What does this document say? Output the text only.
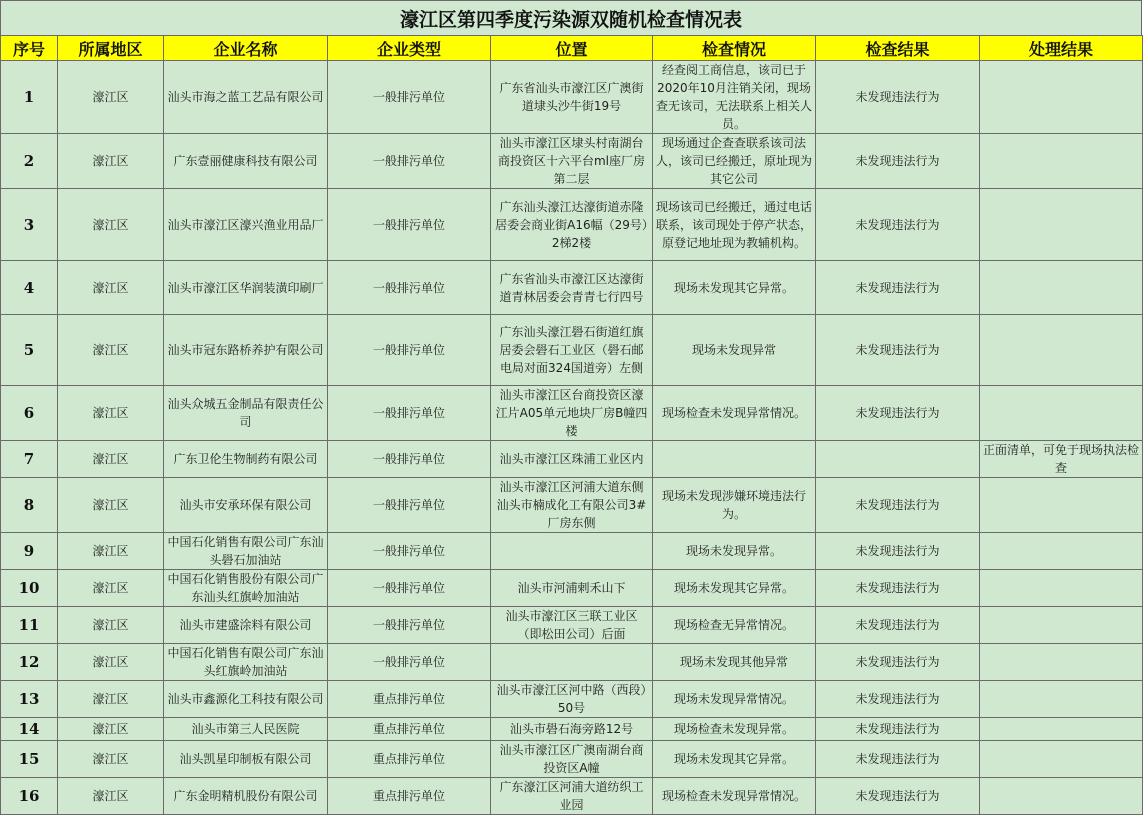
濠江区第四季度污染源双随机检查情况表
序号	所属地区	企业名称	企业类型	位置	检查情况	检查结果	处理结果
1	濠江区	汕头市海之蓝工艺品有限公司	一般排污单位	广东省汕头市濠江区广澳街道埭头沙牛街19号	经查阅工商信息，该司已于2020年10月注销关闭，现场查无该司，无法联系上相关人员。	未发现违法行为	
2	濠江区	广东壹丽健康科技有限公司	一般排污单位	汕头市濠江区埭头村南湖台商投资区十六平台ml座厂房第二层	现场通过企查查联系该司法人，该司已经搬迁，原址现为其它公司	未发现违法行为	
3	濠江区	汕头市濠江区濠兴渔业用品厂	一般排污单位	广东汕头濠江达濠街道赤隆居委会商业街A16幅（29号）2梯2楼	现场该司已经搬迁，通过电话联系，该司现处于停产状态，原登记地址现为教辅机构。	未发现违法行为	
4	濠江区	汕头市濠江区华润装潢印刷厂	一般排污单位	广东省汕头市濠江区达濠街道青林居委会青青七行四号	现场未发现其它异常。	未发现违法行为	
5	濠江区	汕头市冠东路桥养护有限公司	一般排污单位	广东汕头濠江礐石街道红旗居委会礐石工业区（礐石邮电局对面324国道旁）左侧	现场未发现异常	未发现违法行为	
6	濠江区	汕头众城五金制品有限责任公司	一般排污单位	汕头市濠江区台商投资区濠江片A05单元地块厂房B幢四楼	现场检查未发现异常情况。	未发现违法行为	
7	濠江区	广东卫伦生物制药有限公司	一般排污单位	汕头市濠江区珠浦工业区内			正面清单，可免于现场执法检查
8	濠江区	汕头市安承环保有限公司	一般排污单位	汕头市濠江区河浦大道东侧汕头市楠成化工有限公司3#厂房东侧	现场未发现涉嫌环境违法行为。	未发现违法行为	
9	濠江区	中国石化销售有限公司广东汕头礐石加油站	一般排污单位		现场未发现异常。	未发现违法行为	
10	濠江区	中国石化销售股份有限公司广东汕头红旗岭加油站	一般排污单位	汕头市河浦剌禾山下	现场未发现其它异常。	未发现违法行为	
11	濠江区	汕头市建盛涂料有限公司	一般排污单位	汕头市濠江区三联工业区（即松田公司）后面	现场检查无异常情况。	未发现违法行为	
12	濠江区	中国石化销售有限公司广东汕头红旗岭加油站	一般排污单位		现场未发现其他异常	未发现违法行为	
13	濠江区	汕头市鑫源化工科技有限公司	重点排污单位	汕头市濠江区河中路（西段）50号	现场未发现异常情况。	未发现违法行为	
14	濠江区	汕头市第三人民医院	重点排污单位	汕头市礐石海旁路12号	现场检查未发现异常。	未发现违法行为	
15	濠江区	汕头凯星印制板有限公司	重点排污单位	汕头市濠江区广澳南湖台商投资区A幢	现场未发现其它异常。	未发现违法行为	
16	濠江区	广东金明精机股份有限公司	重点排污单位	广东濠江区河浦大道纺织工业园	现场检查未发现异常情况。	未发现违法行为	
